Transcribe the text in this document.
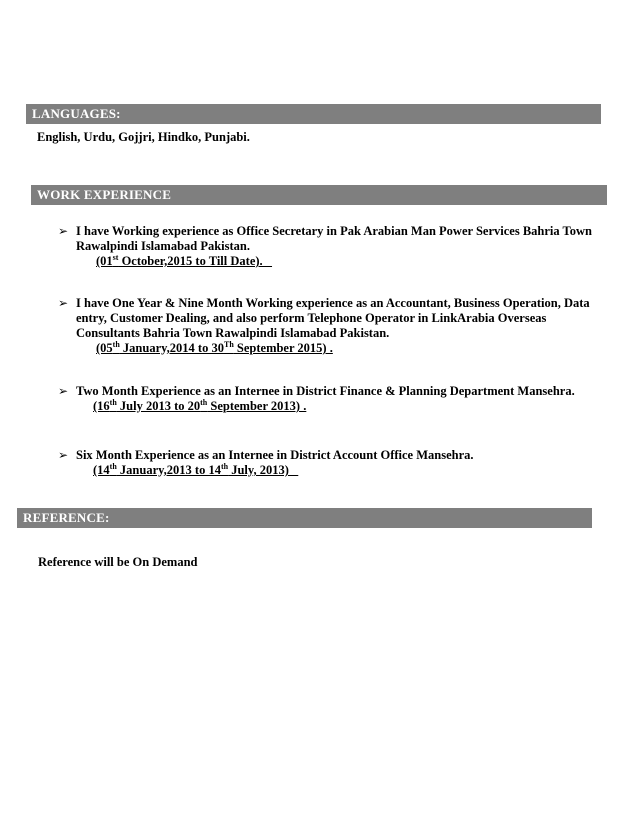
LANGUAGES:
English, Urdu, Gojjri, Hindko, Punjabi.
WORK EXPERIENCE
➢ I have Working experience as Office Secretary in Pak Arabian Man Power Services Bahria Town Rawalpindi Islamabad Pakistan.
(01st October,2015 to Till Date).
➢ I have One Year & Nine Month Working experience as an Accountant, Business Operation, Data entry, Customer Dealing, and also perform Telephone Operator in LinkArabia Overseas Consultants Bahria Town Rawalpindi Islamabad Pakistan.
(05th January,2014 to 30Th September 2015) .
➢ Two Month Experience as an Internee in District Finance & Planning Department Mansehra.
(16th July 2013 to 20th September 2013) .
➢ Six Month Experience as an Internee in District Account Office Mansehra.
(14th January,2013 to 14th July, 2013)
REFERENCE:
Reference will be On Demand
